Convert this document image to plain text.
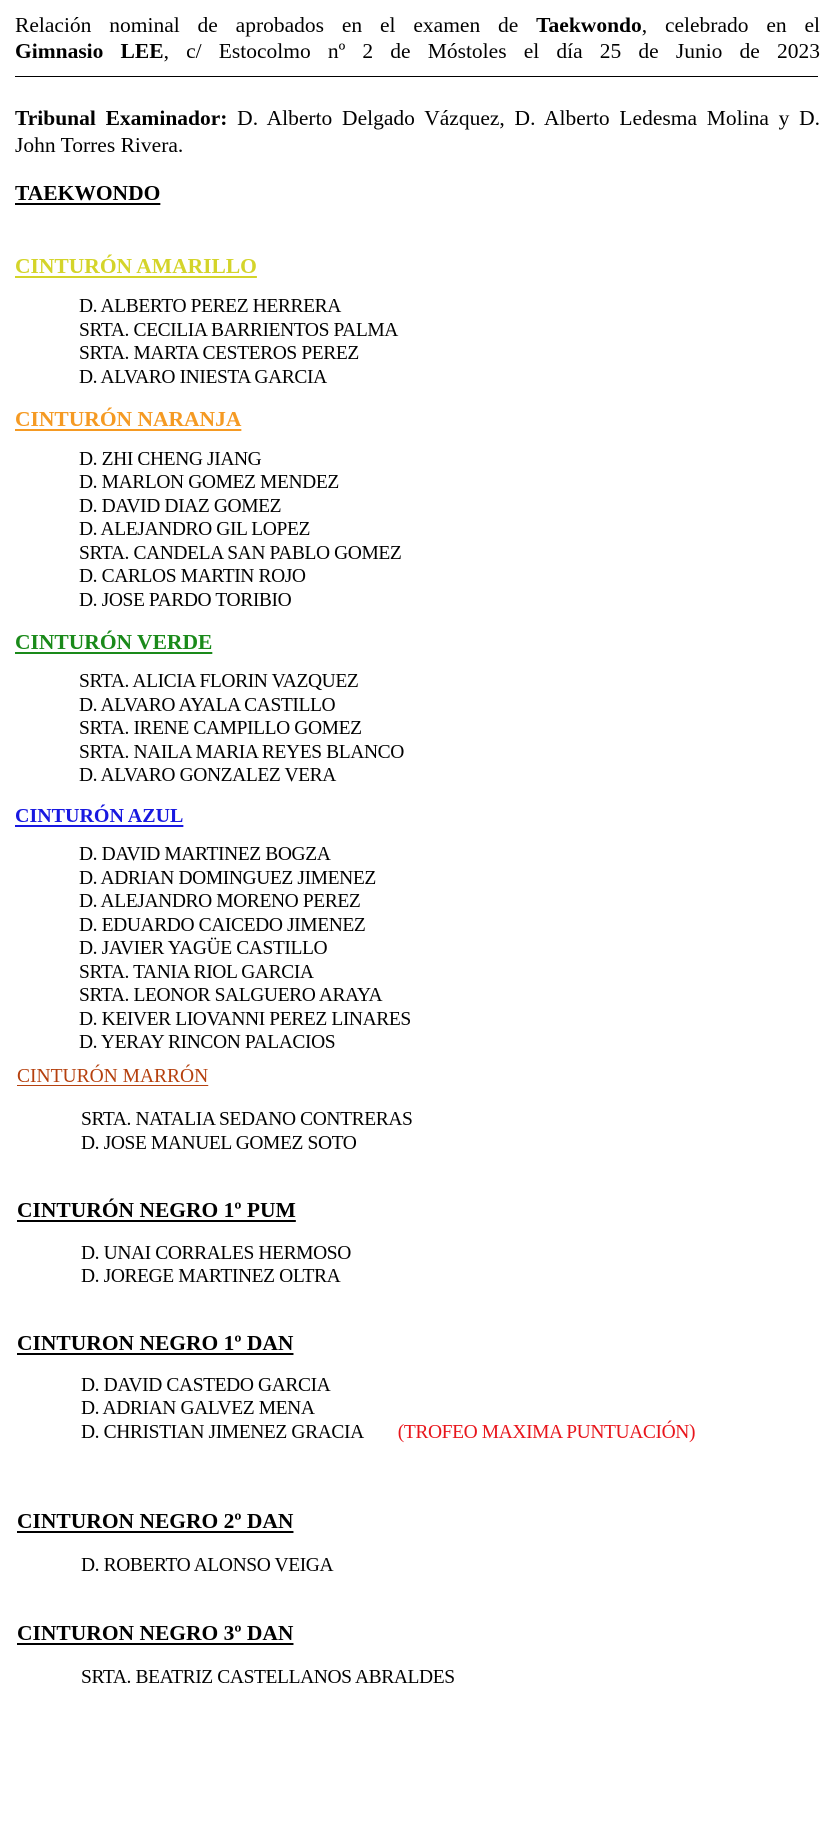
Relación nominal de aprobados en el examen de Taekwondo, celebrado en el
Gimnasio LEE, c/ Estocolmo nº 2 de Móstoles el día 25 de Junio de 2023
Tribunal Examinador: D. Alberto Delgado Vázquez, D. Alberto Ledesma Molina y D.
John Torres Rivera.
TAEKWONDO
CINTURÓN AMARILLO
D. ALBERTO PEREZ HERRERA
SRTA. CECILIA BARRIENTOS PALMA
SRTA. MARTA CESTEROS PEREZ
D. ALVARO INIESTA GARCIA
CINTURÓN NARANJA
D. ZHI CHENG JIANG
D. MARLON GOMEZ MENDEZ
D. DAVID DIAZ GOMEZ
D. ALEJANDRO GIL LOPEZ
SRTA. CANDELA SAN PABLO GOMEZ
D. CARLOS MARTIN ROJO
D. JOSE PARDO TORIBIO
CINTURÓN VERDE
SRTA. ALICIA FLORIN VAZQUEZ
D. ALVARO AYALA CASTILLO
SRTA. IRENE CAMPILLO GOMEZ
SRTA. NAILA MARIA REYES BLANCO
D. ALVARO GONZALEZ VERA
CINTURÓN AZUL
D. DAVID MARTINEZ BOGZA
D. ADRIAN DOMINGUEZ JIMENEZ
D. ALEJANDRO MORENO PEREZ
D. EDUARDO CAICEDO JIMENEZ
D. JAVIER YAGÜE CASTILLO
SRTA. TANIA RIOL GARCIA
SRTA. LEONOR SALGUERO ARAYA
D. KEIVER LIOVANNI PEREZ LINARES
D. YERAY RINCON PALACIOS
CINTURÓN MARRÓN
SRTA. NATALIA SEDANO CONTRERAS
D. JOSE MANUEL GOMEZ SOTO
CINTURÓN NEGRO 1º PUM
D. UNAI CORRALES HERMOSO
D. JOREGE MARTINEZ OLTRA
CINTURON NEGRO 1º DAN
D. DAVID CASTEDO GARCIA
D. ADRIAN GALVEZ MENA
D. CHRISTIAN JIMENEZ GRACIA (TROFEO MAXIMA PUNTUACIÓN)
CINTURON NEGRO 2º DAN
D. ROBERTO ALONSO VEIGA
CINTURON NEGRO 3º DAN
SRTA. BEATRIZ CASTELLANOS ABRALDES
